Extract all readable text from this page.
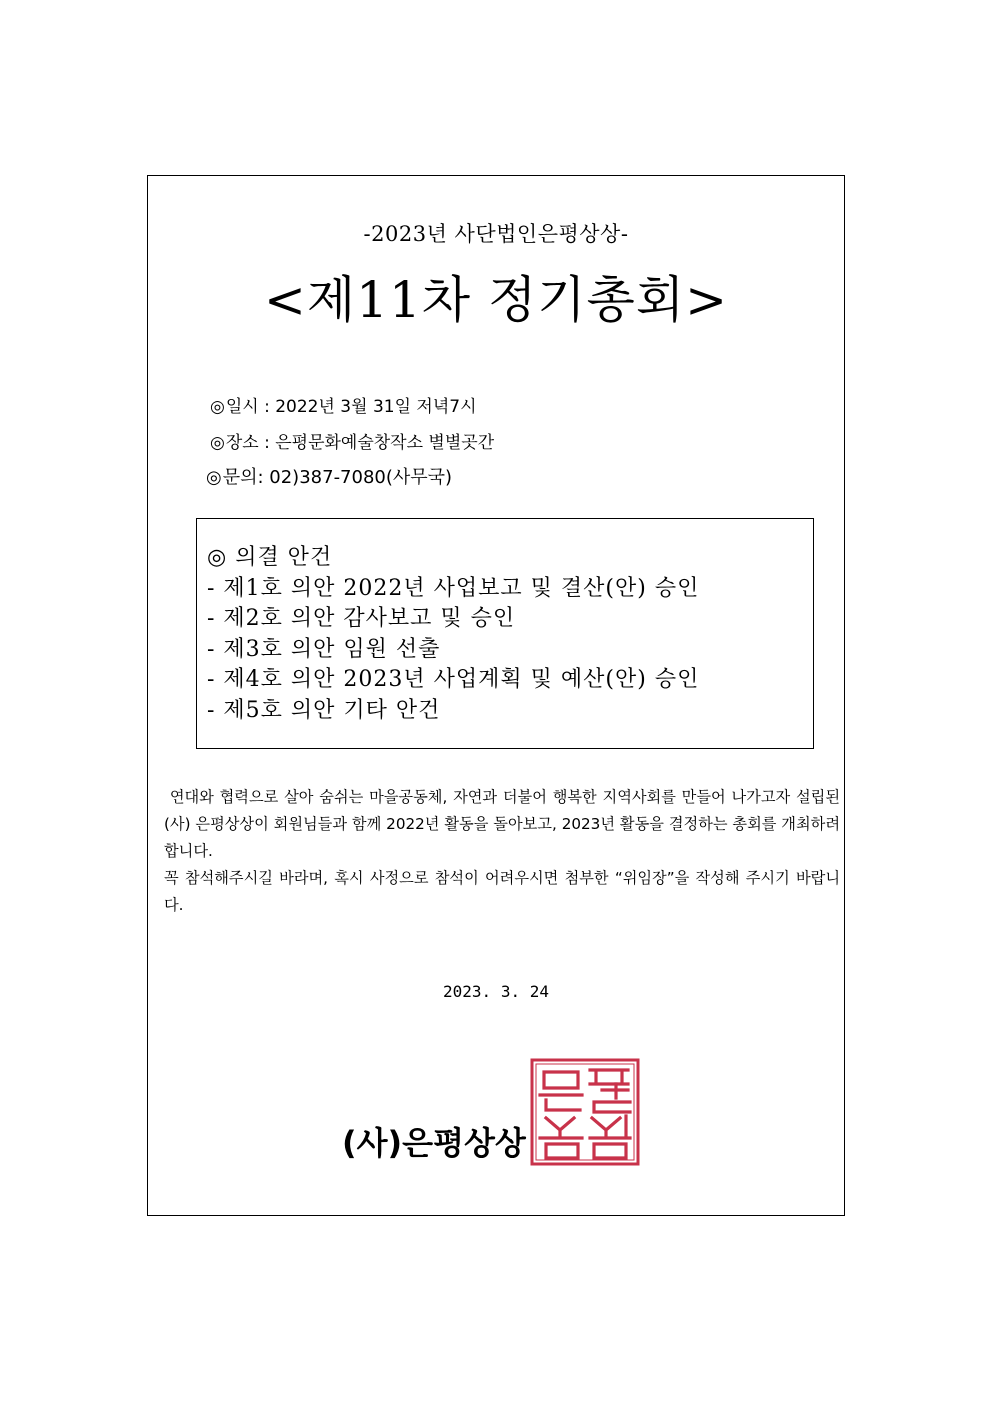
-2023년 사단법인은평상상-
<제11차 정기총회>
◎일시 : 2022년 3월 31일 저녁7시
◎장소 : 은평문화예술창작소 별별곳간
◎문의: 02)387-7080(사무국)
◎ 의결 안건
- 제1호 의안 2022년 사업보고 및 결산(안) 승인
- 제2호 의안 감사보고 및 승인
- 제3호 의안 임원 선출
- 제4호 의안 2023년 사업계획 및 예산(안) 승인
- 제5호 의안 기타 안건

연대와 협력으로 살아 숨쉬는 마을공동체, 자연과 더불어 행복한 지역사회를 만들어 나가고자 설립된 (사) 은평상상이 회원님들과 함께 2022년 활동을 돌아보고, 2023년 활동을 결정하는 총회를 개최하려 합니다.

꼭 참석해주시길 바라며, 혹시 사정으로 참석이 어려우시면 첨부한 “위임장”을 작성해 주시기 바랍니다.

2023. 3. 24
(사)은평상상
